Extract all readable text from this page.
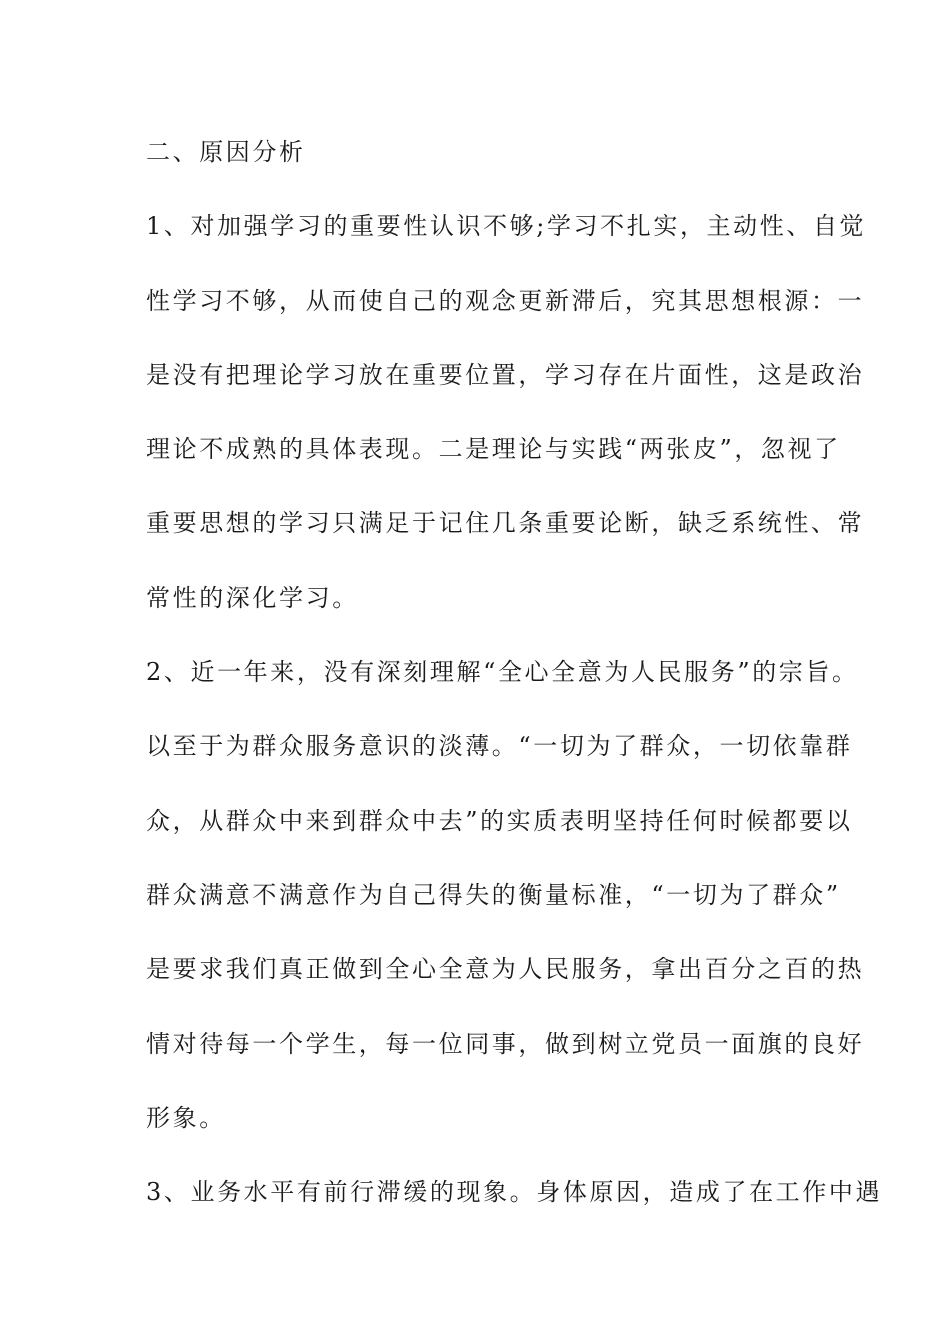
二、原因分析
1、对加强学习的重要性认识不够;学习不扎实，主动性、自觉
性学习不够，从而使自己的观念更新滞后，究其思想根源：一
是没有把理论学习放在重要位置，学习存在片面性，这是政治
理论不成熟的具体表现。二是理论与实践“两张皮”，忽视了
重要思想的学习只满足于记住几条重要论断，缺乏系统性、常
常性的深化学习。
2、近一年来，没有深刻理解“全心全意为人民服务”的宗旨。
以至于为群众服务意识的淡薄。“一切为了群众，一切依靠群
众，从群众中来到群众中去”的实质表明坚持任何时候都要以
群众满意不满意作为自己得失的衡量标准，“一切为了群众”
是要求我们真正做到全心全意为人民服务，拿出百分之百的热
情对待每一个学生，每一位同事，做到树立党员一面旗的良好
形象。
3、业务水平有前行滞缓的现象。身体原因，造成了在工作中遇
